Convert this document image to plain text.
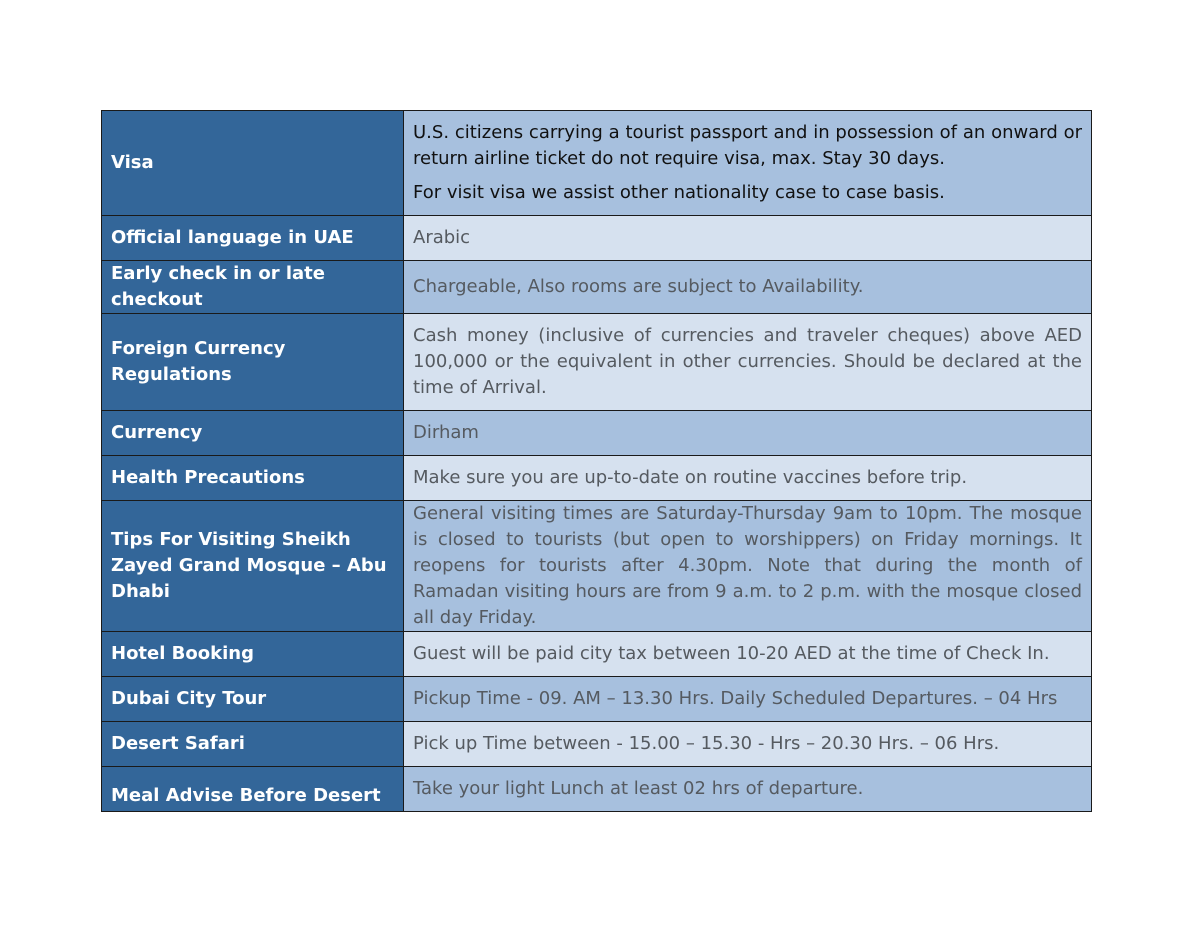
Visa	U.S. citizens carrying a tourist passport and in possession of an onward or return airline ticket do not require visa, max. Stay 30 days.

For visit visa we assist other nationality case to case basis.

Official language in UAE	Arabic
Early check in or late checkout	Chargeable, Also rooms are subject to Availability.
Foreign Currency Regulations	Cash money (inclusive of currencies and traveler cheques) above AED 100,000 or the equivalent in other currencies. Should be declared at the time of Arrival.
Currency	Dirham
Health Precautions	Make sure you are up-to-date on routine vaccines before trip.
Tips For Visiting Sheikh Zayed Grand Mosque – Abu Dhabi	General visiting times are Saturday-Thursday 9am to 10pm. The mosque is closed to tourists (but open to worshippers) on Friday mornings. It reopens for tourists after 4.30pm. Note that during the month of Ramadan visiting hours are from 9 a.m. to 2 p.m. with the mosque closed all day Friday.
Hotel Booking	Guest will be paid city tax between 10-20 AED at the time of Check In.
Dubai City Tour	Pickup Time - 09. AM – 13.30 Hrs. Daily Scheduled Departures. – 04 Hrs
Desert Safari	Pick up Time between - 15.00 – 15.30 - Hrs – 20.30 Hrs. – 06 Hrs.
Meal Advise Before Desert	Take your light Lunch at least 02 hrs of departure.
